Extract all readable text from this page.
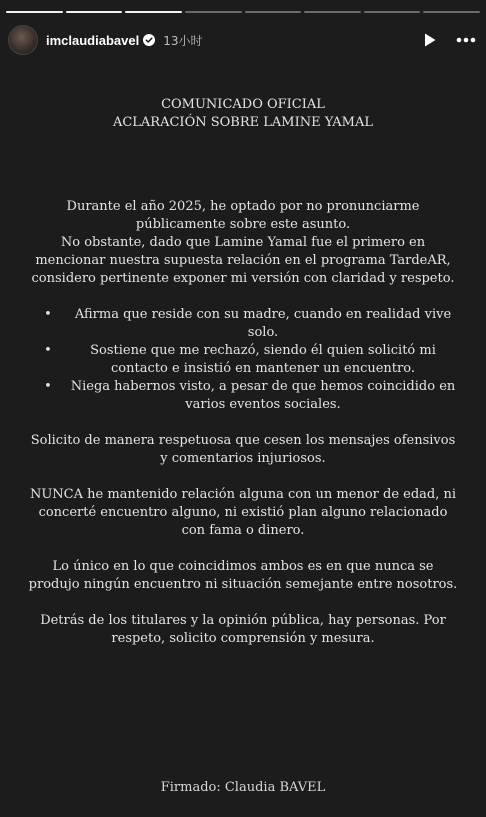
imclaudiabavel 13小时
COMUNICADO OFICIAL
ACLARACIÓN SOBRE LAMINE YAMAL
Durante el año 2025, he optado por no pronunciarme públicamente sobre este asunto.
No obstante, dado que Lamine Yamal fue el primero en mencionar nuestra supuesta relación en el programa TardeAR, considero pertinente exponer mi versión con claridad y respeto.
•	Afirma que reside con su madre, cuando en realidad vive solo.
•	Sostiene que me rechazó, siendo él quien solicitó mi contacto e insistió en mantener un encuentro.
•	Niega habernos visto, a pesar de que hemos coincidido en varios eventos sociales.
Solicito de manera respetuosa que cesen los mensajes ofensivos y comentarios injuriosos.
NUNCA he mantenido relación alguna con un menor de edad, ni concerté encuentro alguno, ni existió plan alguno relacionado con fama o dinero.
Lo único en lo que coincidimos ambos es en que nunca se produjo ningún encuentro ni situación semejante entre nosotros.
Detrás de los titulares y la opinión pública, hay personas. Por respeto, solicito comprensión y mesura.
Firmado: Claudia BAVEL
